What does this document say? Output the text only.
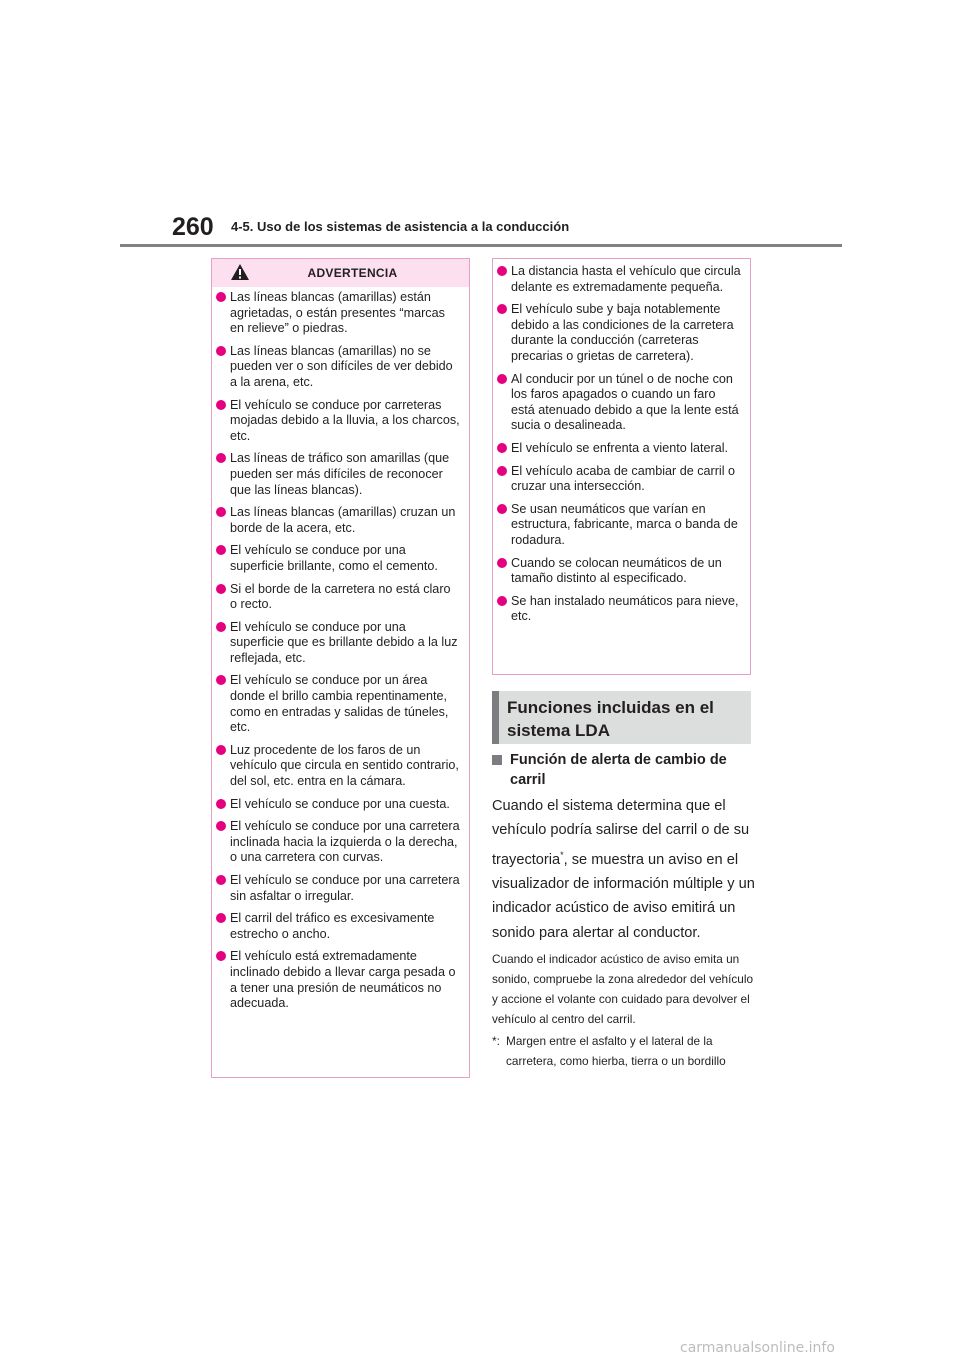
260 4-5. Uso de los sistemas de asistencia a la conducción
ADVERTENCIA
Las líneas blancas (amarillas) están agrietadas, o están presentes “marcas en relieve” o piedras.
Las líneas blancas (amarillas) no se pueden ver o son difíciles de ver debido a la arena, etc.
El vehículo se conduce por carreteras mojadas debido a la lluvia, a los charcos, etc.
Las líneas de tráfico son amarillas (que pueden ser más difíciles de reconocer que las líneas blancas).
Las líneas blancas (amarillas) cruzan un borde de la acera, etc.
El vehículo se conduce por una superficie brillante, como el cemento.
Si el borde de la carretera no está claro o recto.
El vehículo se conduce por una superficie que es brillante debido a la luz reflejada, etc.
El vehículo se conduce por un área donde el brillo cambia repentinamente, como en entradas y salidas de túneles, etc.
Luz procedente de los faros de un vehículo que circula en sentido contrario, del sol, etc. entra en la cámara.
El vehículo se conduce por una cuesta.
El vehículo se conduce por una carretera inclinada hacia la izquierda o la derecha, o una carretera con curvas.
El vehículo se conduce por una carretera sin asfaltar o irregular.
El carril del tráfico es excesivamente estrecho o ancho.
El vehículo está extremadamente inclinado debido a llevar carga pesada o a tener una presión de neumáticos no adecuada.
La distancia hasta el vehículo que circula delante es extremadamente pequeña.
El vehículo sube y baja notablemente debido a las condiciones de la carretera durante la conducción (carreteras precarias o grietas de carretera).
Al conducir por un túnel o de noche con los faros apagados o cuando un faro está atenuado debido a que la lente está sucia o desalineada.
El vehículo se enfrenta a viento lateral.
El vehículo acaba de cambiar de carril o cruzar una intersección.
Se usan neumáticos que varían en estructura, fabricante, marca o banda de rodadura.
Cuando se colocan neumáticos de un tamaño distinto al especificado.
Se han instalado neumáticos para nieve, etc.
Funciones incluidas en el sistema LDA
Función de alerta de cambio de carril
Cuando el sistema determina que el vehículo podría salirse del carril o de su trayectoria*, se muestra un aviso en el visualizador de información múltiple y un indicador acústico de aviso emitirá un sonido para alertar al conductor.
Cuando el indicador acústico de aviso emita un sonido, compruebe la zona alrededor del vehículo y accione el volante con cuidado para devolver el vehículo al centro del carril.
*: Margen entre el asfalto y el lateral de la carretera, como hierba, tierra o un bordillo
carmanualsonline.info
